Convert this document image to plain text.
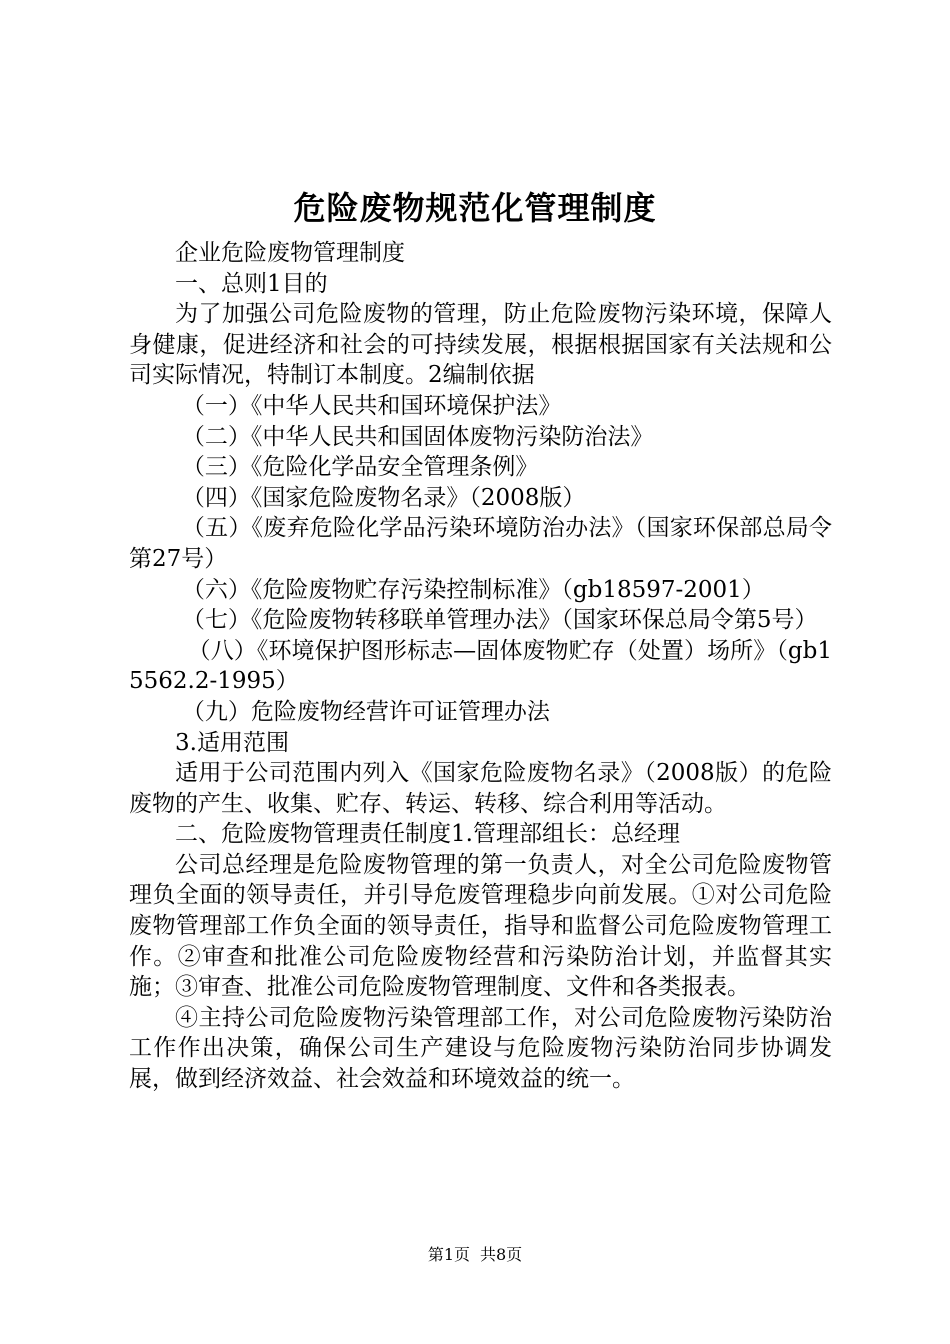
危险废物规范化管理制度

企业危险废物管理制度

一、总则1目的

为了加强公司危险废物的管理，防止危险废物污染环境，保障人身健康，促进经济和社会的可持续发展，根据根据国家有关法规和公司实际情况，特制订本制度。2编制依据

（一）《中华人民共和国环境保护法》

（二）《中华人民共和国固体废物污染防治法》

（三）《危险化学品安全管理条例》

（四）《国家危险废物名录》（2008版）

（五）《废弃危险化学品污染环境防治办法》（国家环保部总局令第27号）

（六）《危险废物贮存污染控制标准》（gb18597-2001）

（七）《危险废物转移联单管理办法》（国家环保总局令第5号）

（八）《环境保护图形标志—固体废物贮存（处置）场所》（gb15562.2-1995）

（九）危险废物经营许可证管理办法

3.适用范围

适用于公司范围内列入《国家危险废物名录》（2008版）的危险废物的产生、收集、贮存、转运、转移、综合利用等活动。

二、危险废物管理责任制度1.管理部组长：总经理

公司总经理是危险废物管理的第一负责人，对全公司危险废物管理负全面的领导责任，并引导危废管理稳步向前发展。①对公司危险废物管理部工作负全面的领导责任，指导和监督公司危险废物管理工作。②审查和批准公司危险废物经营和污染防治计划，并监督其实施；③审查、批准公司危险废物管理制度、文件和各类报表。

④主持公司危险废物污染管理部工作，对公司危险废物污染防治工作作出决策，确保公司生产建设与危险废物污染防治同步协调发展，做到经济效益、社会效益和环境效益的统一。

第1页 共8页
